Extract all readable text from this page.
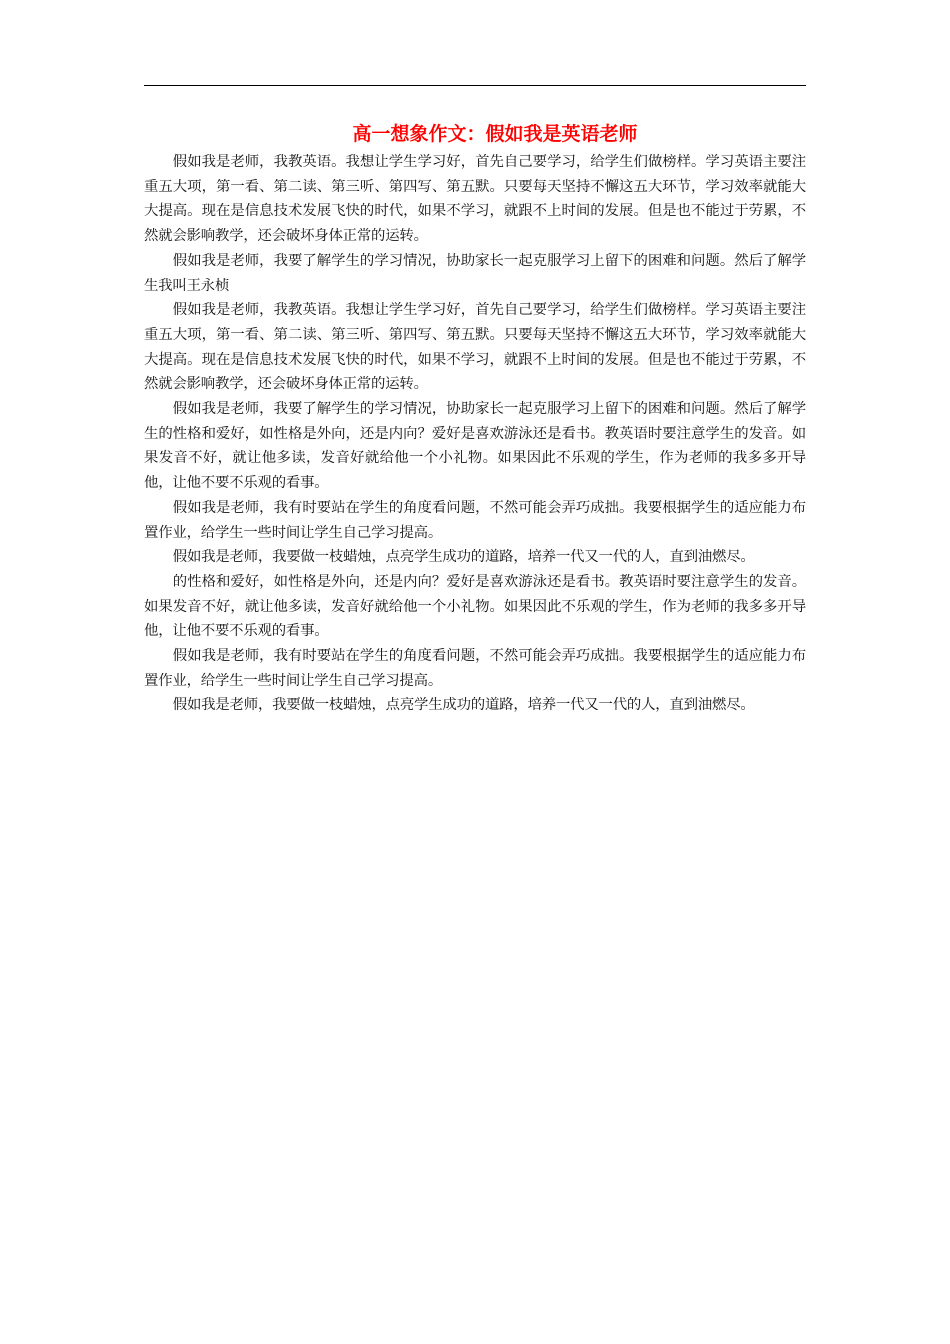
高一想象作文：假如我是英语老师

假如我是老师，我教英语。我想让学生学习好，首先自己要学习，给学生们做榜样。学习英语主要注重五大项，第一看、第二读、第三听、第四写、第五默。只要每天坚持不懈这五大环节，学习效率就能大大提高。现在是信息技术发展飞快的时代，如果不学习，就跟不上时间的发展。但是也不能过于劳累，不然就会影响教学，还会破坏身体正常的运转。

假如我是老师，我要了解学生的学习情况，协助家长一起克服学习上留下的困难和问题。然后了解学生我叫王永桢

假如我是老师，我教英语。我想让学生学习好，首先自己要学习，给学生们做榜样。学习英语主要注重五大项，第一看、第二读、第三听、第四写、第五默。只要每天坚持不懈这五大环节，学习效率就能大大提高。现在是信息技术发展飞快的时代，如果不学习，就跟不上时间的发展。但是也不能过于劳累，不然就会影响教学，还会破坏身体正常的运转。

假如我是老师，我要了解学生的学习情况，协助家长一起克服学习上留下的困难和问题。然后了解学生的性格和爱好，如性格是外向，还是内向？爱好是喜欢游泳还是看书。教英语时要注意学生的发音。如果发音不好，就让他多读，发音好就给他一个小礼物。如果因此不乐观的学生，作为老师的我多多开导他，让他不要不乐观的看事。

假如我是老师，我有时要站在学生的角度看问题，不然可能会弄巧成拙。我要根据学生的适应能力布置作业，给学生一些时间让学生自己学习提高。

假如我是老师，我要做一枝蜡烛，点亮学生成功的道路，培养一代又一代的人，直到油燃尽。

的性格和爱好，如性格是外向，还是内向？爱好是喜欢游泳还是看书。教英语时要注意学生的发音。如果发音不好，就让他多读，发音好就给他一个小礼物。如果因此不乐观的学生，作为老师的我多多开导他，让他不要不乐观的看事。

假如我是老师，我有时要站在学生的角度看问题，不然可能会弄巧成拙。我要根据学生的适应能力布置作业，给学生一些时间让学生自己学习提高。

假如我是老师，我要做一枝蜡烛，点亮学生成功的道路，培养一代又一代的人，直到油燃尽。
